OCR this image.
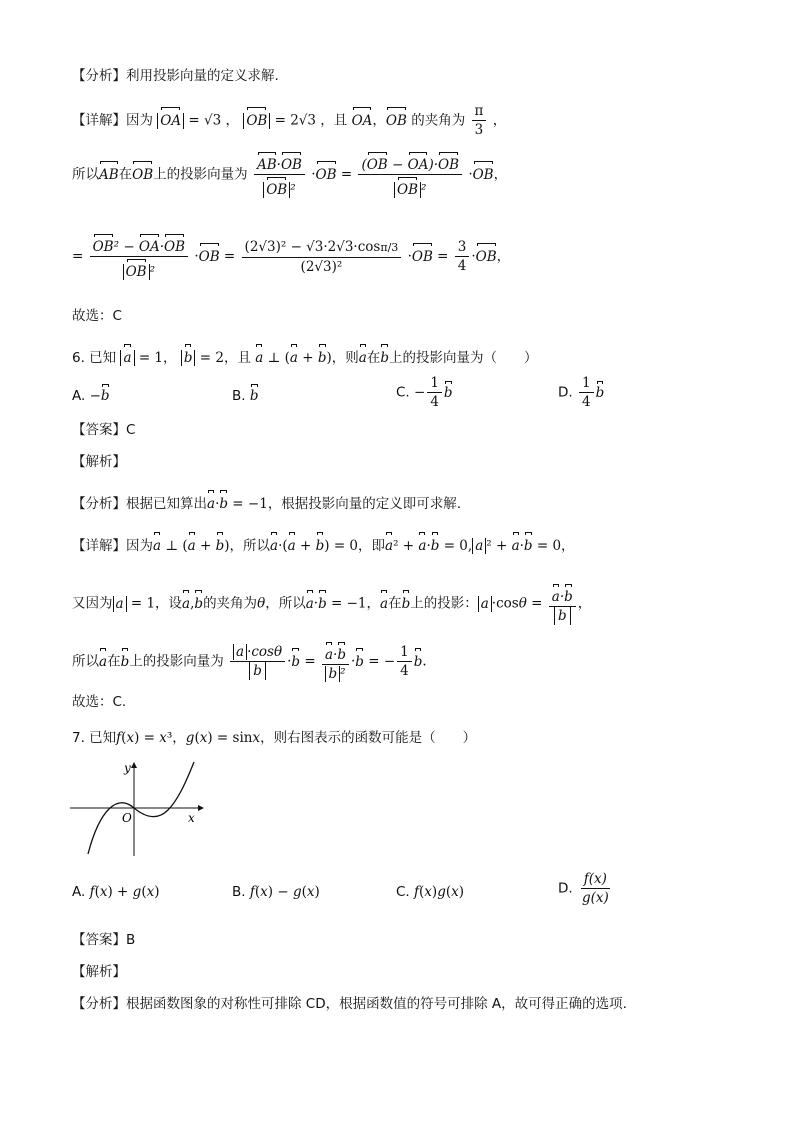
【分析】利用投影向量的定义求解.
【详解】因为 OA = √3 ， OB = 2√3 ，且 OA，OB 的夹角为 $\frac{\pi}{3}$ ，
所以AB在OB上的投影向量为 $\frac{AB\cdot OB}{\text{OB ²}} \cdot OB = \frac{(OB - OA)\cdot OB}{\text{OB ²}} \cdot OB$，
= $\frac{\text{OB² − OA·OB}}{\text{OB ²}} \cdot OB = \frac{\text{(2√3)² − √3·2√3·cosπ/3}}{\text{(2√3)²}} \cdot OB = \frac{3}{4} \cdot OB$，
故选：C
6. 已知 a = 1， b = 2，且 a ⊥ (a + b)，则a在b上的投影向量为（　　）
A. −b	B. b	C. − $\frac{1}{4}$ b	D. $\frac{1}{4}$ b
【答案】C
【解析】
【分析】根据已知算出a·b = −1，根据投影向量的定义即可求解.
【详解】因为a ⊥ (a + b)，所以a·(a + b) = 0，即a² + a·b = 0, a ² + a·b = 0，
又因为 a = 1，设a,b的夹角为θ，所以a·b = −1，a在b上的投影： $a \cdot\cos\theta = \frac{a\cdot b}{b}$ ，
所以a在b上的投影向量为 $\frac{a \cdot\cos\theta}{b} \cdot b = \frac{a\cdot b}{\text{b ²}} \cdot b$ = − $\frac{1}{4} b$.
故选：C.
7. 已知f(x) = x³，g(x) = sinx，则右图表示的函数可能是（　　）
y
x
O
A. f(x) + g(x)	B. f(x) − g(x)	C. f(x)g(x)	D. $\frac{f(x)}{g(x)}$
【答案】B
【解析】
【分析】根据函数图象的对称性可排除 CD，根据函数值的符号可排除 A，故可得正确的选项.
